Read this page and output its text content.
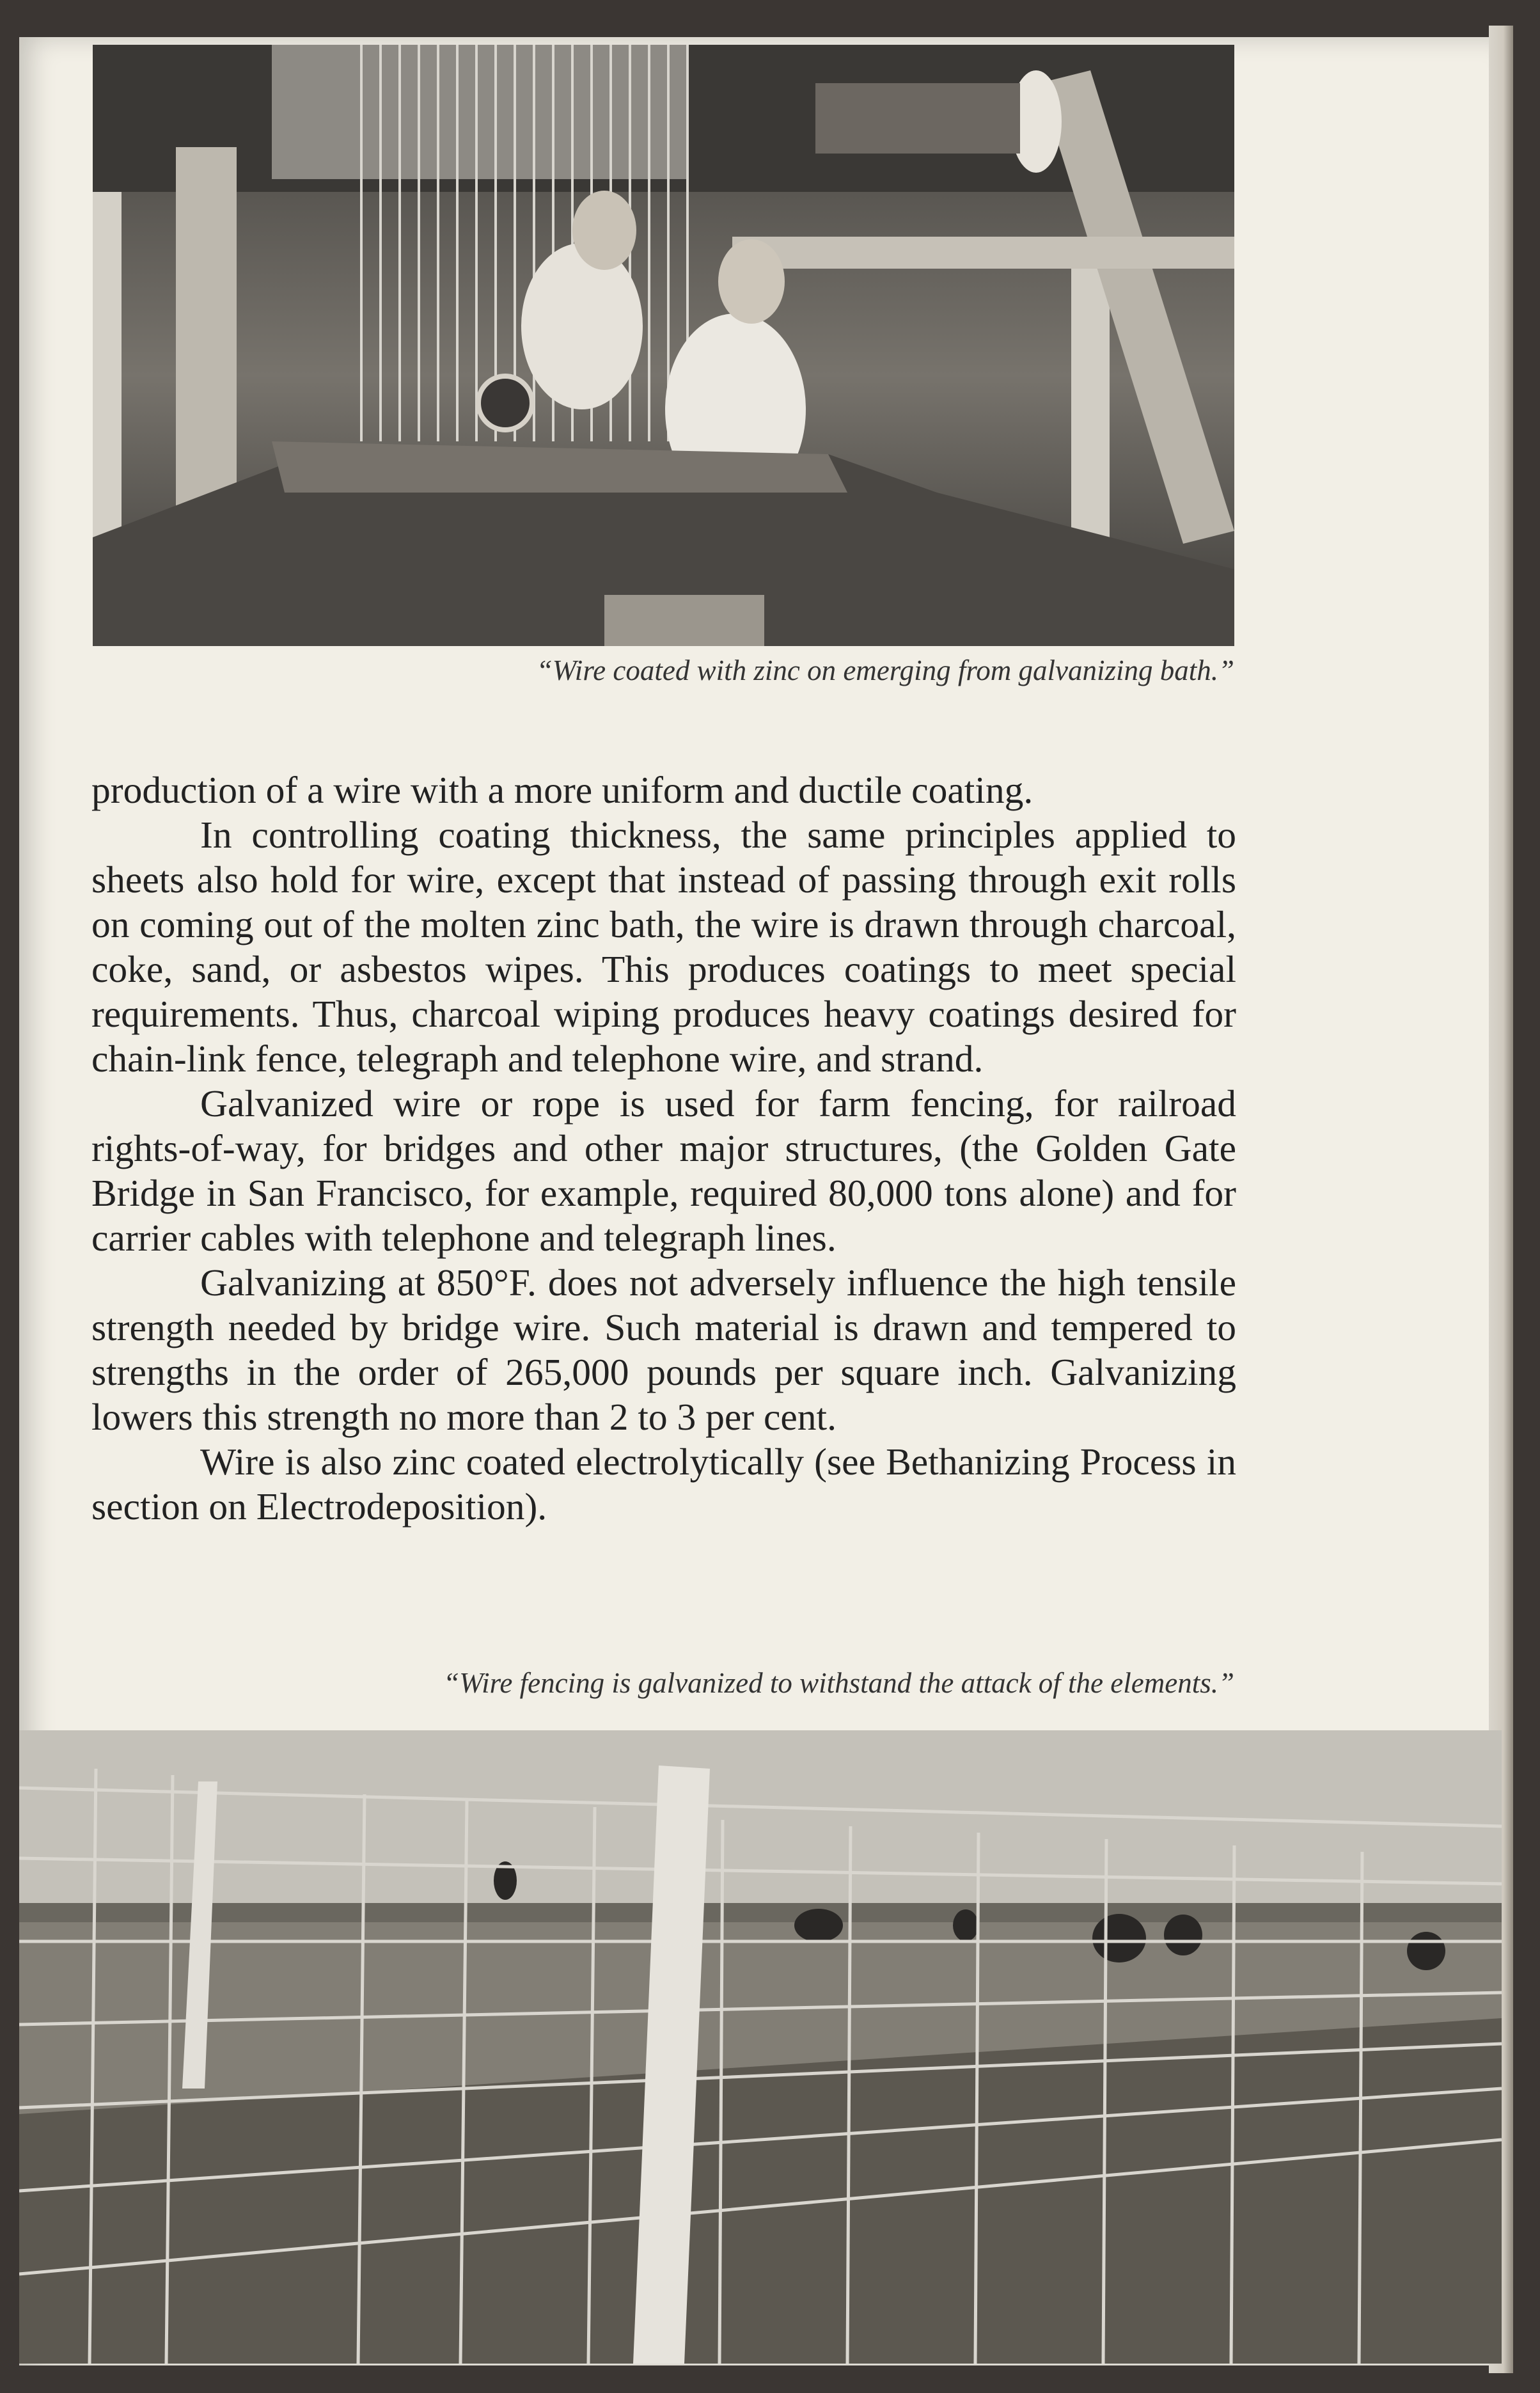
“Wire coated with zinc on emerging from galvanizing bath.”

production of a wire with a more uniform and ductile coating.

In controlling coating thickness, the same principles applied to sheets also hold for wire, except that instead of passing through exit rolls on coming out of the molten zinc bath, the wire is drawn through charcoal, coke, sand, or asbestos wipes. This produces coatings to meet special requirements. Thus, charcoal wiping produces heavy coatings desired for chain-link fence, telegraph and telephone wire, and strand.

Galvanized wire or rope is used for farm fencing, for railroad rights-of-way, for bridges and other major structures, (the Golden Gate Bridge in San Francisco, for example, required 80,000 tons alone) and for carrier cables with telephone and telegraph lines.

Galvanizing at 850°F. does not adversely influence the high tensile strength needed by bridge wire. Such material is drawn and tempered to strengths in the order of 265,000 pounds per square inch. Galvanizing lowers this strength no more than 2 to 3 per cent.

Wire is also zinc coated electrolytically (see Bethanizing Process in section on Electrodeposition).

“Wire fencing is galvanized to withstand the attack of the elements.”
